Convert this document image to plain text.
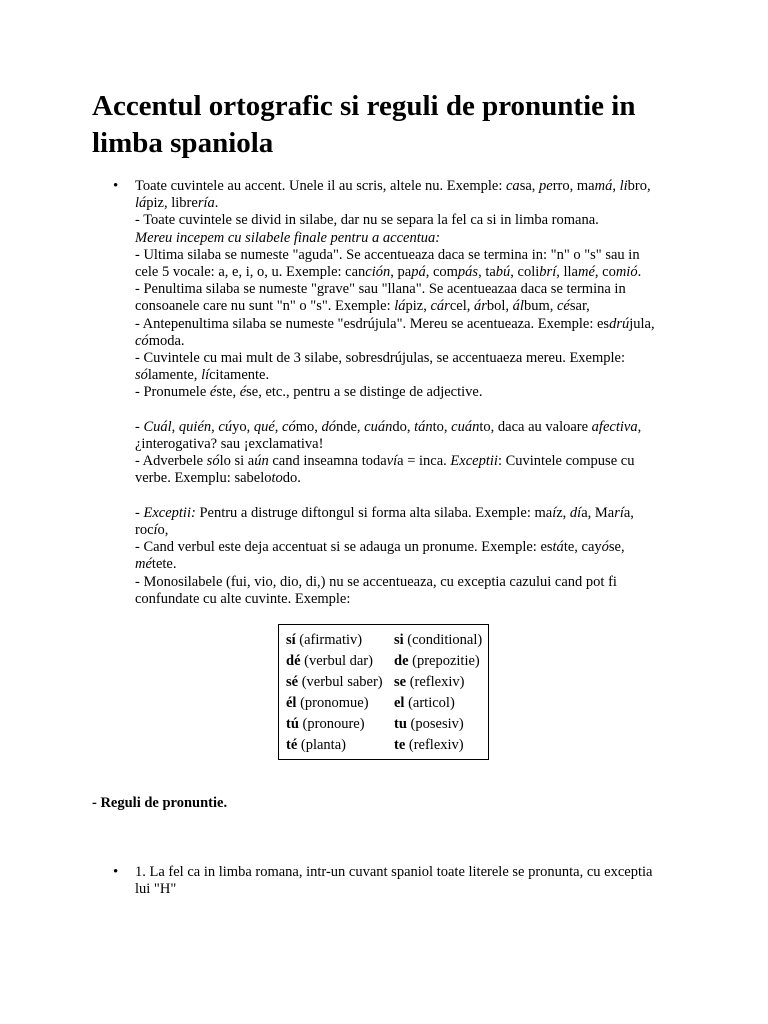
Accentul ortografic si reguli de pronuntie in limba spaniola
• Toate cuvintele au accent. Unele il au scris, altele nu. Exemple: casa, perro, mamá, libro,
lápiz, librería.
- Toate cuvintele se divid in silabe, dar nu se separa la fel ca si in limba romana.
Mereu incepem cu silabele finale pentru a accentua:
- Ultima silaba se numeste "aguda". Se accentueaza daca se termina in: "n" o "s" sau in
cele 5 vocale: a, e, i, o, u. Exemple: canción, papá, compás, tabú, colibrí, llamé, comió.
- Penultima silaba se numeste "grave" sau "llana". Se acentueazaa daca se termina in
consoanele care nu sunt "n" o "s". Exemple: lápiz, cárcel, árbol, álbum, césar,
- Antepenultima silaba se numeste "esdrújula". Mereu se acentueaza. Exemple: esdrújula,
cómoda.
- Cuvintele cu mai mult de 3 silabe, sobresdrújulas, se accentuaeza mereu. Exemple:
sólamente, lícitamente.
- Pronumele éste, ése, etc., pentru a se distinge de adjective.
- Cuál, quién, cúyo, qué, cómo, dónde, cuándo, tánto, cuánto, daca au valoare afectiva,
¿interogativa? sau ¡exclamativa!
- Adverbele sólo si aún cand inseamna todavía = inca. Exceptii: Cuvintele compuse cu
verbe. Exemplu: sabelotodo.
- Exceptii: Pentru a distruge diftongul si forma alta silaba. Exemple: maíz, día, María,
rocío,
- Cand verbul este deja accentuat si se adauga un pronume. Exemple: estáte, cayóse,
métete.
- Monosilabele (fui, vio, dio, di,) nu se accentueaza, cu exceptia cazului cand pot fi
confundate cu alte cuvinte. Exemple:
sí (afirmativ)	si (conditional)
dé (verbul dar)	de (prepozitie)
sé (verbul saber) se (reflexiv)
él (pronomue)	el (articol)
tú (pronoure)	tu (posesiv)
té (planta)	te (reflexiv)

- Reguli de pronuntie.

• 1. La fel ca in limba romana, intr-un cuvant spaniol toate literele se pronunta, cu exceptia
lui "H"
